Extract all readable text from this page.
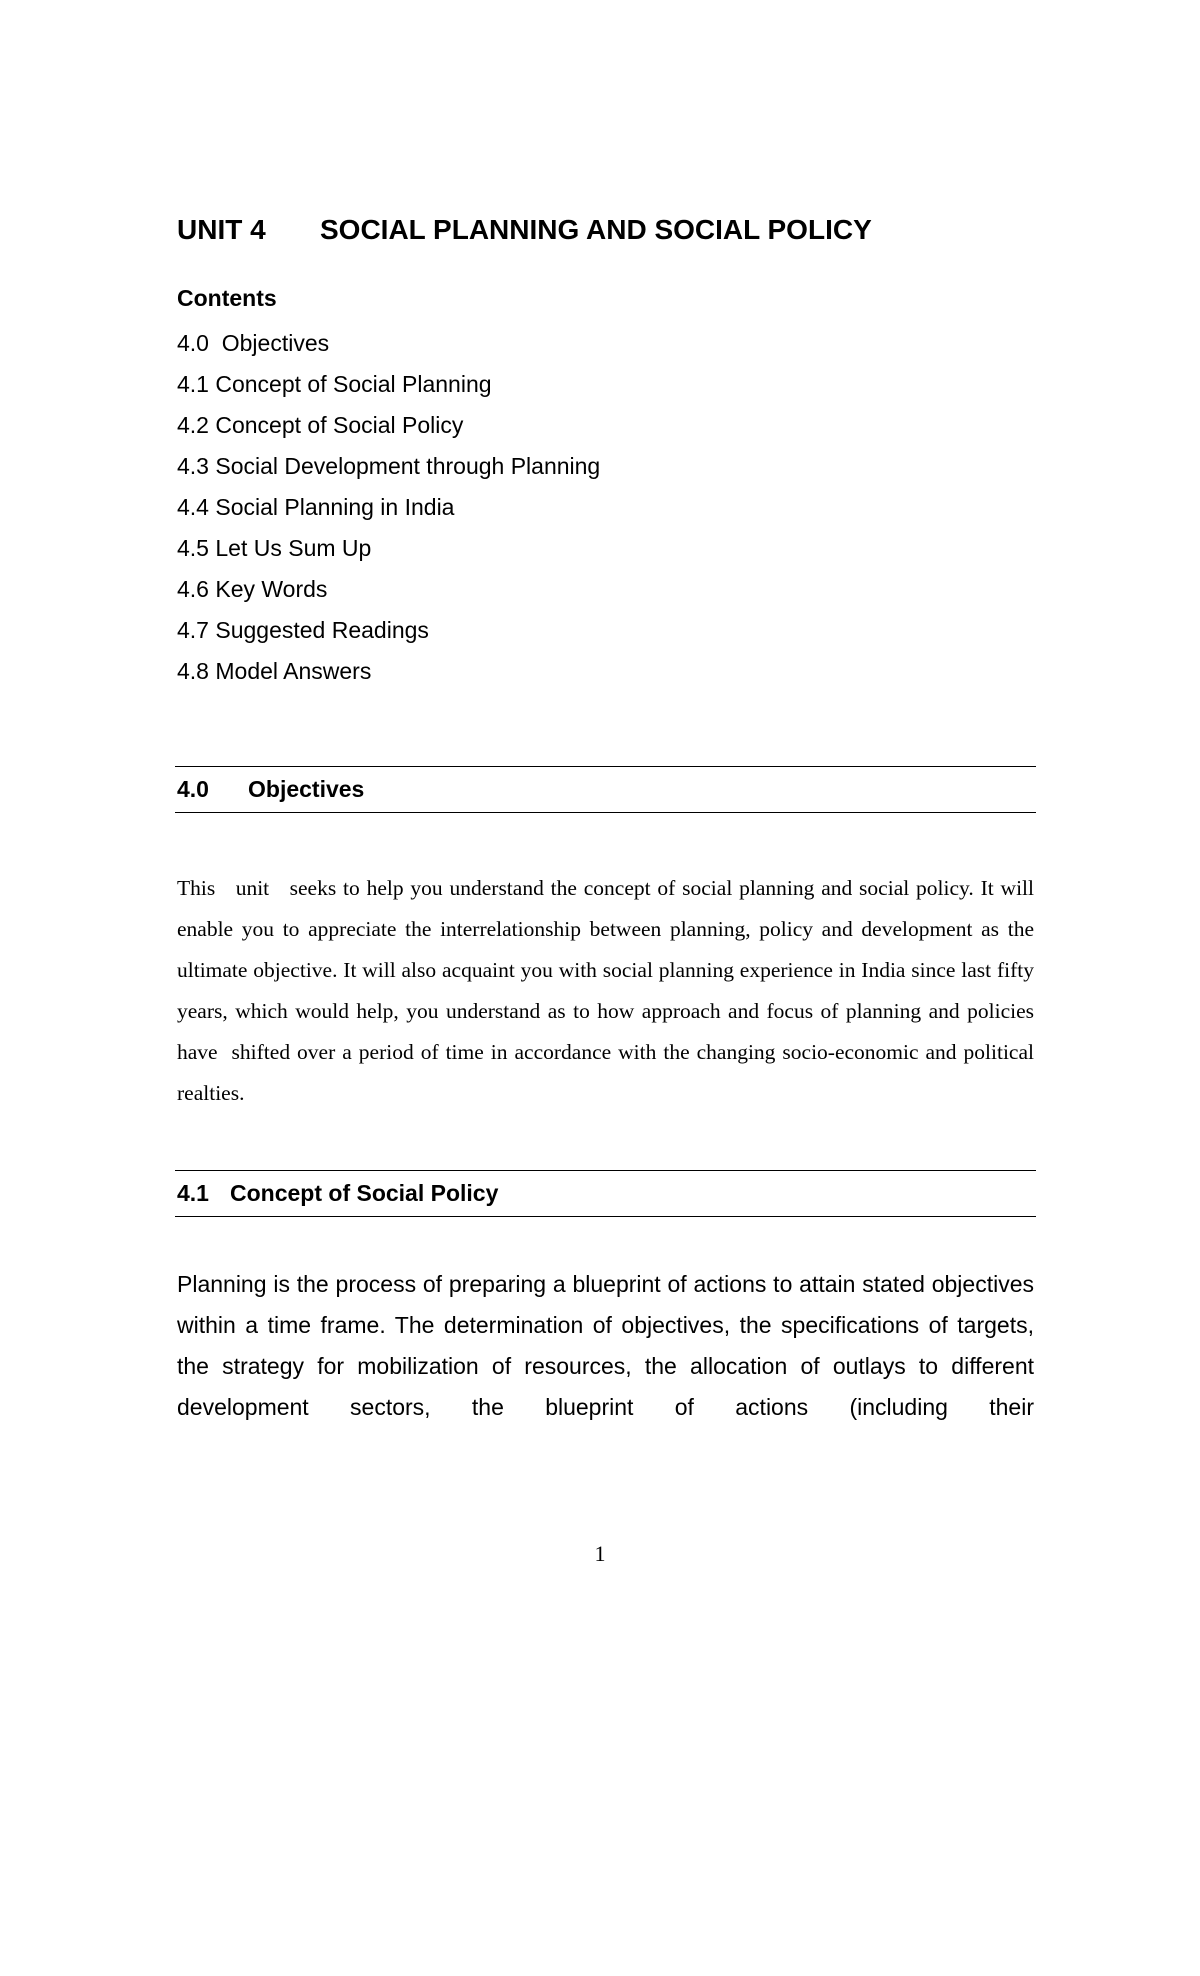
UNIT 4 SOCIAL PLANNING AND SOCIAL POLICY
Contents
4.0  Objectives
4.1 Concept of Social Planning
4.2 Concept of Social Policy
4.3 Social Development through Planning
4.4 Social Planning in India
4.5 Let Us Sum Up
4.6 Key Words
4.7 Suggested Readings
4.8 Model Answers
4.0 Objectives

This   unit   seeks to help you understand the concept of social planning and social policy. It will enable you to appreciate the interrelationship between planning, policy and development as the ultimate objective. It will also acquaint you with social planning experience in India since last fifty years, which would help, you understand as to how approach and focus of planning and policies have  shifted over a period of time in accordance with the changing socio-economic and political realties.

4.1 Concept of Social Policy

Planning is the process of preparing a blueprint of actions to attain stated objectives within a time frame. The determination of objectives, the specifications of targets, the strategy for mobilization of resources, the allocation of outlays to different development sectors, the blueprint of actions (including their

1
